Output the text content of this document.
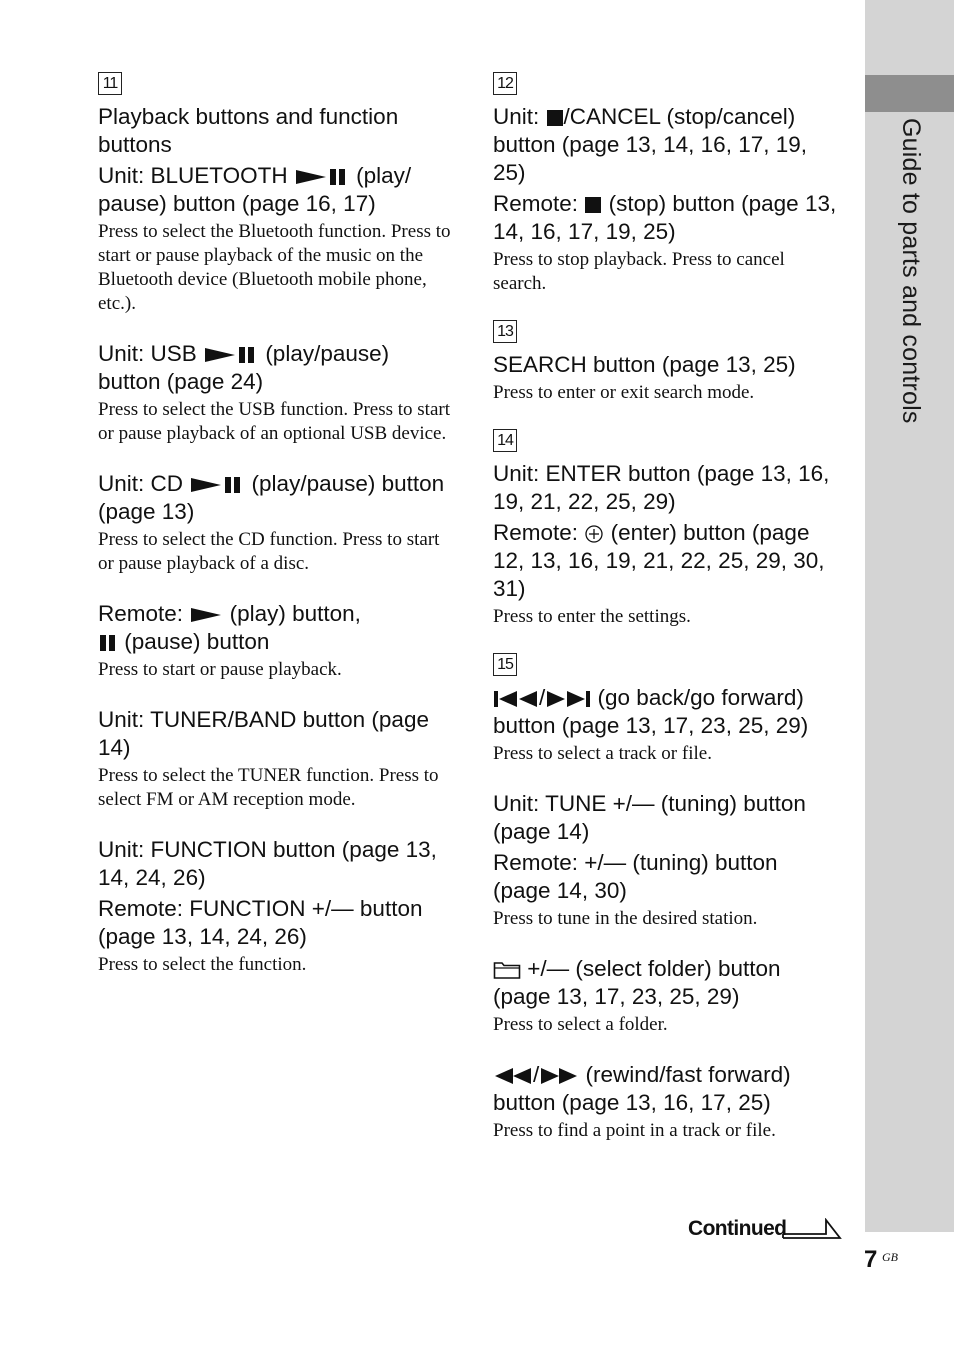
Guide to parts and controls
11

Playback buttons and function buttons

Unit: BLUETOOTH	(play/ pause) button (page 16, 17)

Press to select the Bluetooth function. Press to start or pause playback of the music on the Bluetooth device (Bluetooth mobile phone, etc.).

Unit: USB	(play/pause) button (page 24)

Press to select the USB function. Press to start or pause playback of an optional USB device.

Unit: CD	(play/pause) button (page 13)

Press to select the CD function. Press to start or pause playback of a disc.

Remote: (play) button,

(pause) button

Press to start or pause playback.

Unit: TUNER/BAND button (page 14)

Press to select the TUNER function. Press to select FM or AM reception mode.

Unit: FUNCTION button (page 13, 14, 24, 26)

Remote: FUNCTION +/— button (page 13, 14, 24, 26)

Press to select the function.

12

Unit: /CANCEL (stop/cancel) button (page 13, 14, 16, 17, 19, 25)

Remote: (stop) button (page 13, 14, 16, 17, 19, 25)

Press to stop playback. Press to cancel search.

13

SEARCH button (page 13, 25)

Press to enter or exit search mode.

14

Unit: ENTER button (page 13, 16, 19, 21, 22, 25, 29)

Remote: (enter) button (page 12, 13, 16, 19, 21, 22, 25, 29, 30, 31)

Press to enter the settings.

15

/ (go back/go forward) button (page 13, 17, 23, 25, 29)

Press to select a track or file.

Unit: TUNE +/— (tuning) button (page 14)

Remote: +/— (tuning) button (page 14, 30)

Press to tune in the desired station.

+/— (select folder) button (page 13, 17, 23, 25, 29)

Press to select a folder.

/ (rewind/fast forward) button (page 13, 16, 17, 25)

Press to find a point in a track or file.

Continued
7 GB
